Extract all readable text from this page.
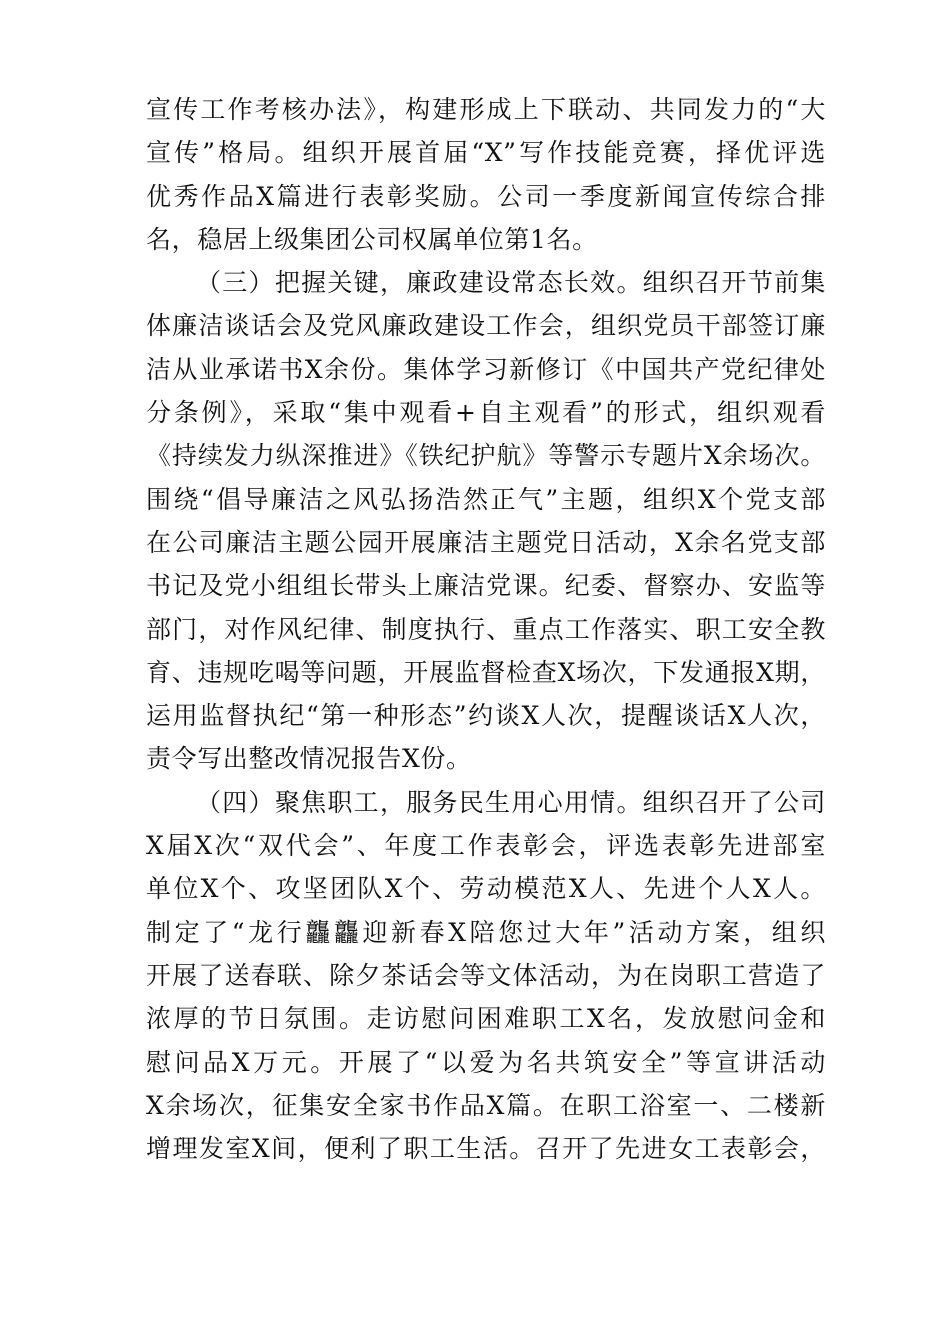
宣传工作考核办法》，构建形成上下联动、共同发力的“大
宣传”格局。组织开展首届“X”写作技能竞赛，择优评选
优秀作品X篇进行表彰奖励。公司一季度新闻宣传综合排
名，稳居上级集团公司权属单位第1名。
（三）把握关键，廉政建设常态长效。组织召开节前集
体廉洁谈话会及党风廉政建设工作会，组织党员干部签订廉
洁从业承诺书X余份。集体学习新修订《中国共产党纪律处
分条例》，采取“集中观看+自主观看”的形式，组织观看
《持续发力纵深推进》《铁纪护航》等警示专题片X余场次。
围绕“倡导廉洁之风弘扬浩然正气”主题，组织X个党支部
在公司廉洁主题公园开展廉洁主题党日活动，X余名党支部
书记及党小组组长带头上廉洁党课。纪委、督察办、安监等
部门，对作风纪律、制度执行、重点工作落实、职工安全教
育、违规吃喝等问题，开展监督检查X场次，下发通报X期，
运用监督执纪“第一种形态”约谈X人次，提醒谈话X人次，
责令写出整改情况报告X份。
（四）聚焦职工，服务民生用心用情。组织召开了公司
X届X次“双代会”、年度工作表彰会，评选表彰先进部室
单位X个、攻坚团队X个、劳动模范X人、先进个人X人。
制定了“龙行龘龘迎新春X陪您过大年”活动方案，组织
开展了送春联、除夕茶话会等文体活动，为在岗职工营造了
浓厚的节日氛围。走访慰问困难职工X名，发放慰问金和
慰问品X万元。开展了“以爱为名共筑安全”等宣讲活动
X余场次，征集安全家书作品X篇。在职工浴室一、二楼新
增理发室X间，便利了职工生活。召开了先进女工表彰会，
